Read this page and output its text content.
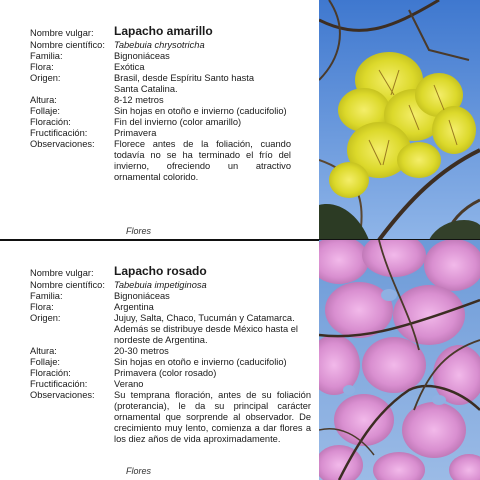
Nombre vulgar:	Lapacho amarillo
Nombre científico: Tabebuia chrysotricha
Familia:	Bignoniáceas
Flora:	Exótica
Origen:	Brasil, desde Espíritu Santo hasta Santa Catalina.
Altura:	8-12 metros
Follaje:	Sin hojas en otoño e invierno (caducifolio)
Floración:	Fin del invierno (color amarillo)
Fructificación:	Primavera
Observaciones:	Florece antes de la foliación, cuando todavía no se ha terminado el frío del invierno, ofreciendo un atractivo ornamental colorido.
Flores
Nombre vulgar:	Lapacho rosado
Nombre científico: Tabebuia impetiginosa
Familia:	Bignoniáceas
Flora:	Argentina
Origen:	Jujuy, Salta, Chaco, Tucumán y Catamarca. Además se distribuye desde México hasta el nordeste de Argentina.
Altura:	20-30 metros
Follaje:	Sin hojas en otoño e invierno (caducifolio)
Floración:	Primavera (color rosado)
Fructificación:	Verano
Observaciones:	Su temprana floración, antes de su foliación (proterancia), le da su principal carácter ornamental que sorprende al observador. De crecimiento muy lento, comienza a dar flores a los diez años de vida aproximadamente.
Flores
